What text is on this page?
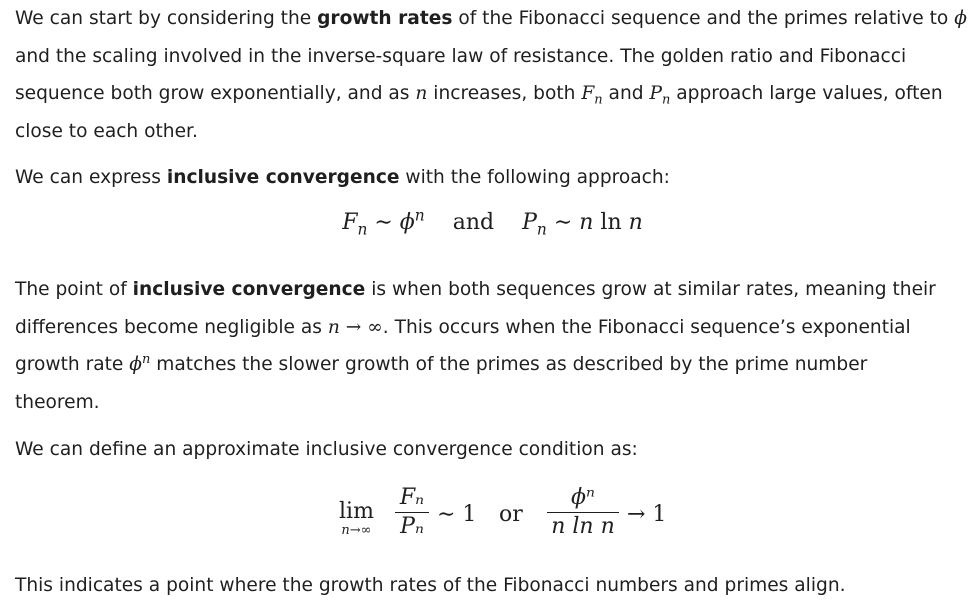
We can start by considering the growth rates of the Fibonacci sequence and the primes relative to ϕ

and the scaling involved in the inverse-square law of resistance. The golden ratio and Fibonacci

sequence both grow exponentially, and as n increases, both $F_n$ and $P_n$ approach large values, often

close to each other.

We can express inclusive convergence with the following approach:

$F_n$ ∼ $\phi^n$ and $P_n$ ∼ n ln n

The point of inclusive convergence is when both sequences grow at similar rates, meaning their

differences become negligible as n → ∞. This occurs when the Fibonacci sequence’s exponential

growth rate $\phi^n$ matches the slower growth of the primes as described by the prime number

theorem.

We can define an approximate inclusive convergence condition as:

lim
n→∞
Fₙ
Pₙ ∼ 1 or
ϕⁿ
n ln n → 1

This indicates a point where the growth rates of the Fibonacci numbers and primes align.
